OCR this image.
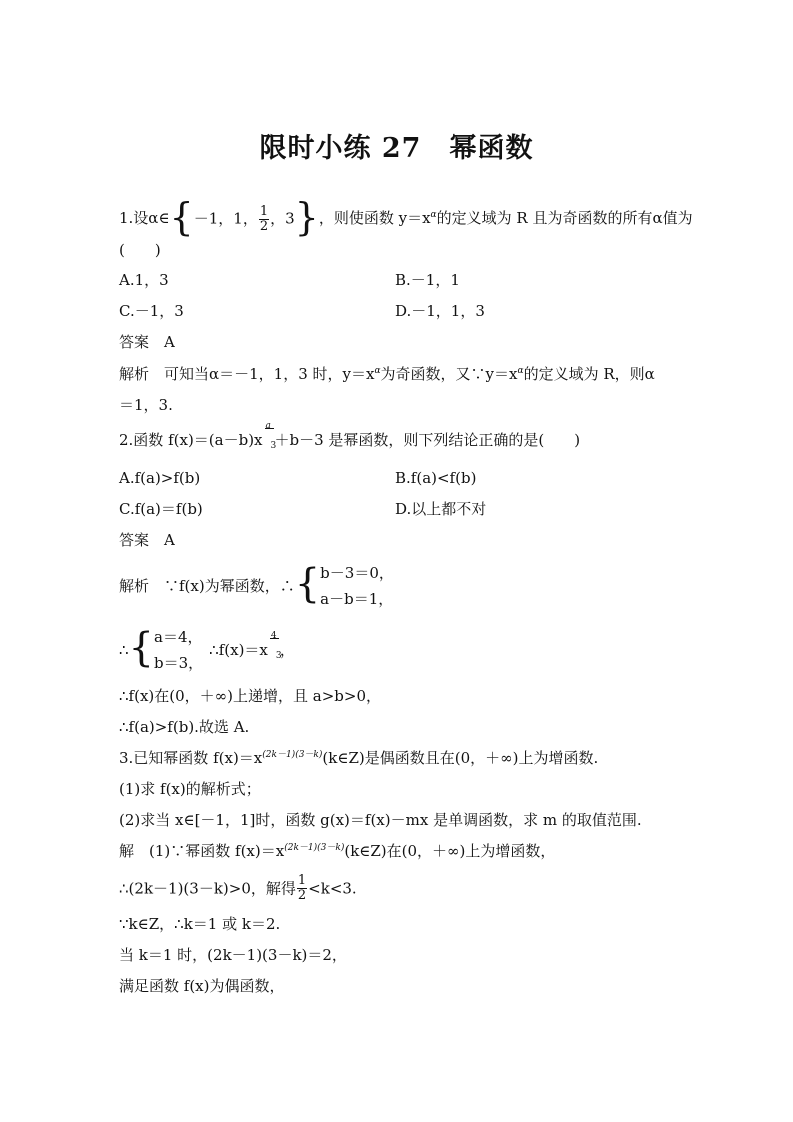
限时小练 27　幂函数
1.设α∈{－1，1， $\frac{1}{2}$ ，3}，则使函数 $y=x^\alpha$的定义域为 R 且为奇函数的所有α值为
(　　)
A.1，3	B.－1，1
C.－1，3	D.－1，1，3
答案　A
解析　可知当α＝－1，1，3 时，$y=x^\alpha$为奇函数，又$\because y=x^\alpha$的定义域为 R，则α
＝1，3.
2.函数 f(x)＝(a－b)x
a
3
＋b－3 是幂函数，则下列结论正确的是(　　)
A.f(a)>f(b)	B.f(a)<f(b)
C.f(a)＝f(b)	D.以上都不对
答案　A
解析　∵f(x)为幂函数，∴{ b－3＝0，
a－b＝1，
∴{ a＝4，
b＝3，
∴f(x)＝x
4
3
，
∴f(x)在(0，＋∞)上递增，且 a>b>0，
∴f(a)>f(b).故选 A.
3.已知幂函数 $f(x)=x^{(2k-1)(3-k)}(k\in Z)$是偶函数且在(0，＋∞)上为增函数.
(1)求 f(x)的解析式；
(2)求当 x∈[－1，1]时，函数 g(x)＝f(x)－mx 是单调函数，求 m 的取值范围.
解　(1)∵幂函数 $f(x)=x^{(2k-1)(3-k)}(k\in Z)$在(0，＋∞)上为增函数，
∴(2k－1)(3－k)>0，解得 $\frac{1}{2} <k<3$.
∵k∈Z，∴k＝1 或 k＝2.
当 k＝1 时，(2k－1)(3－k)＝2，
满足函数 f(x)为偶函数，
